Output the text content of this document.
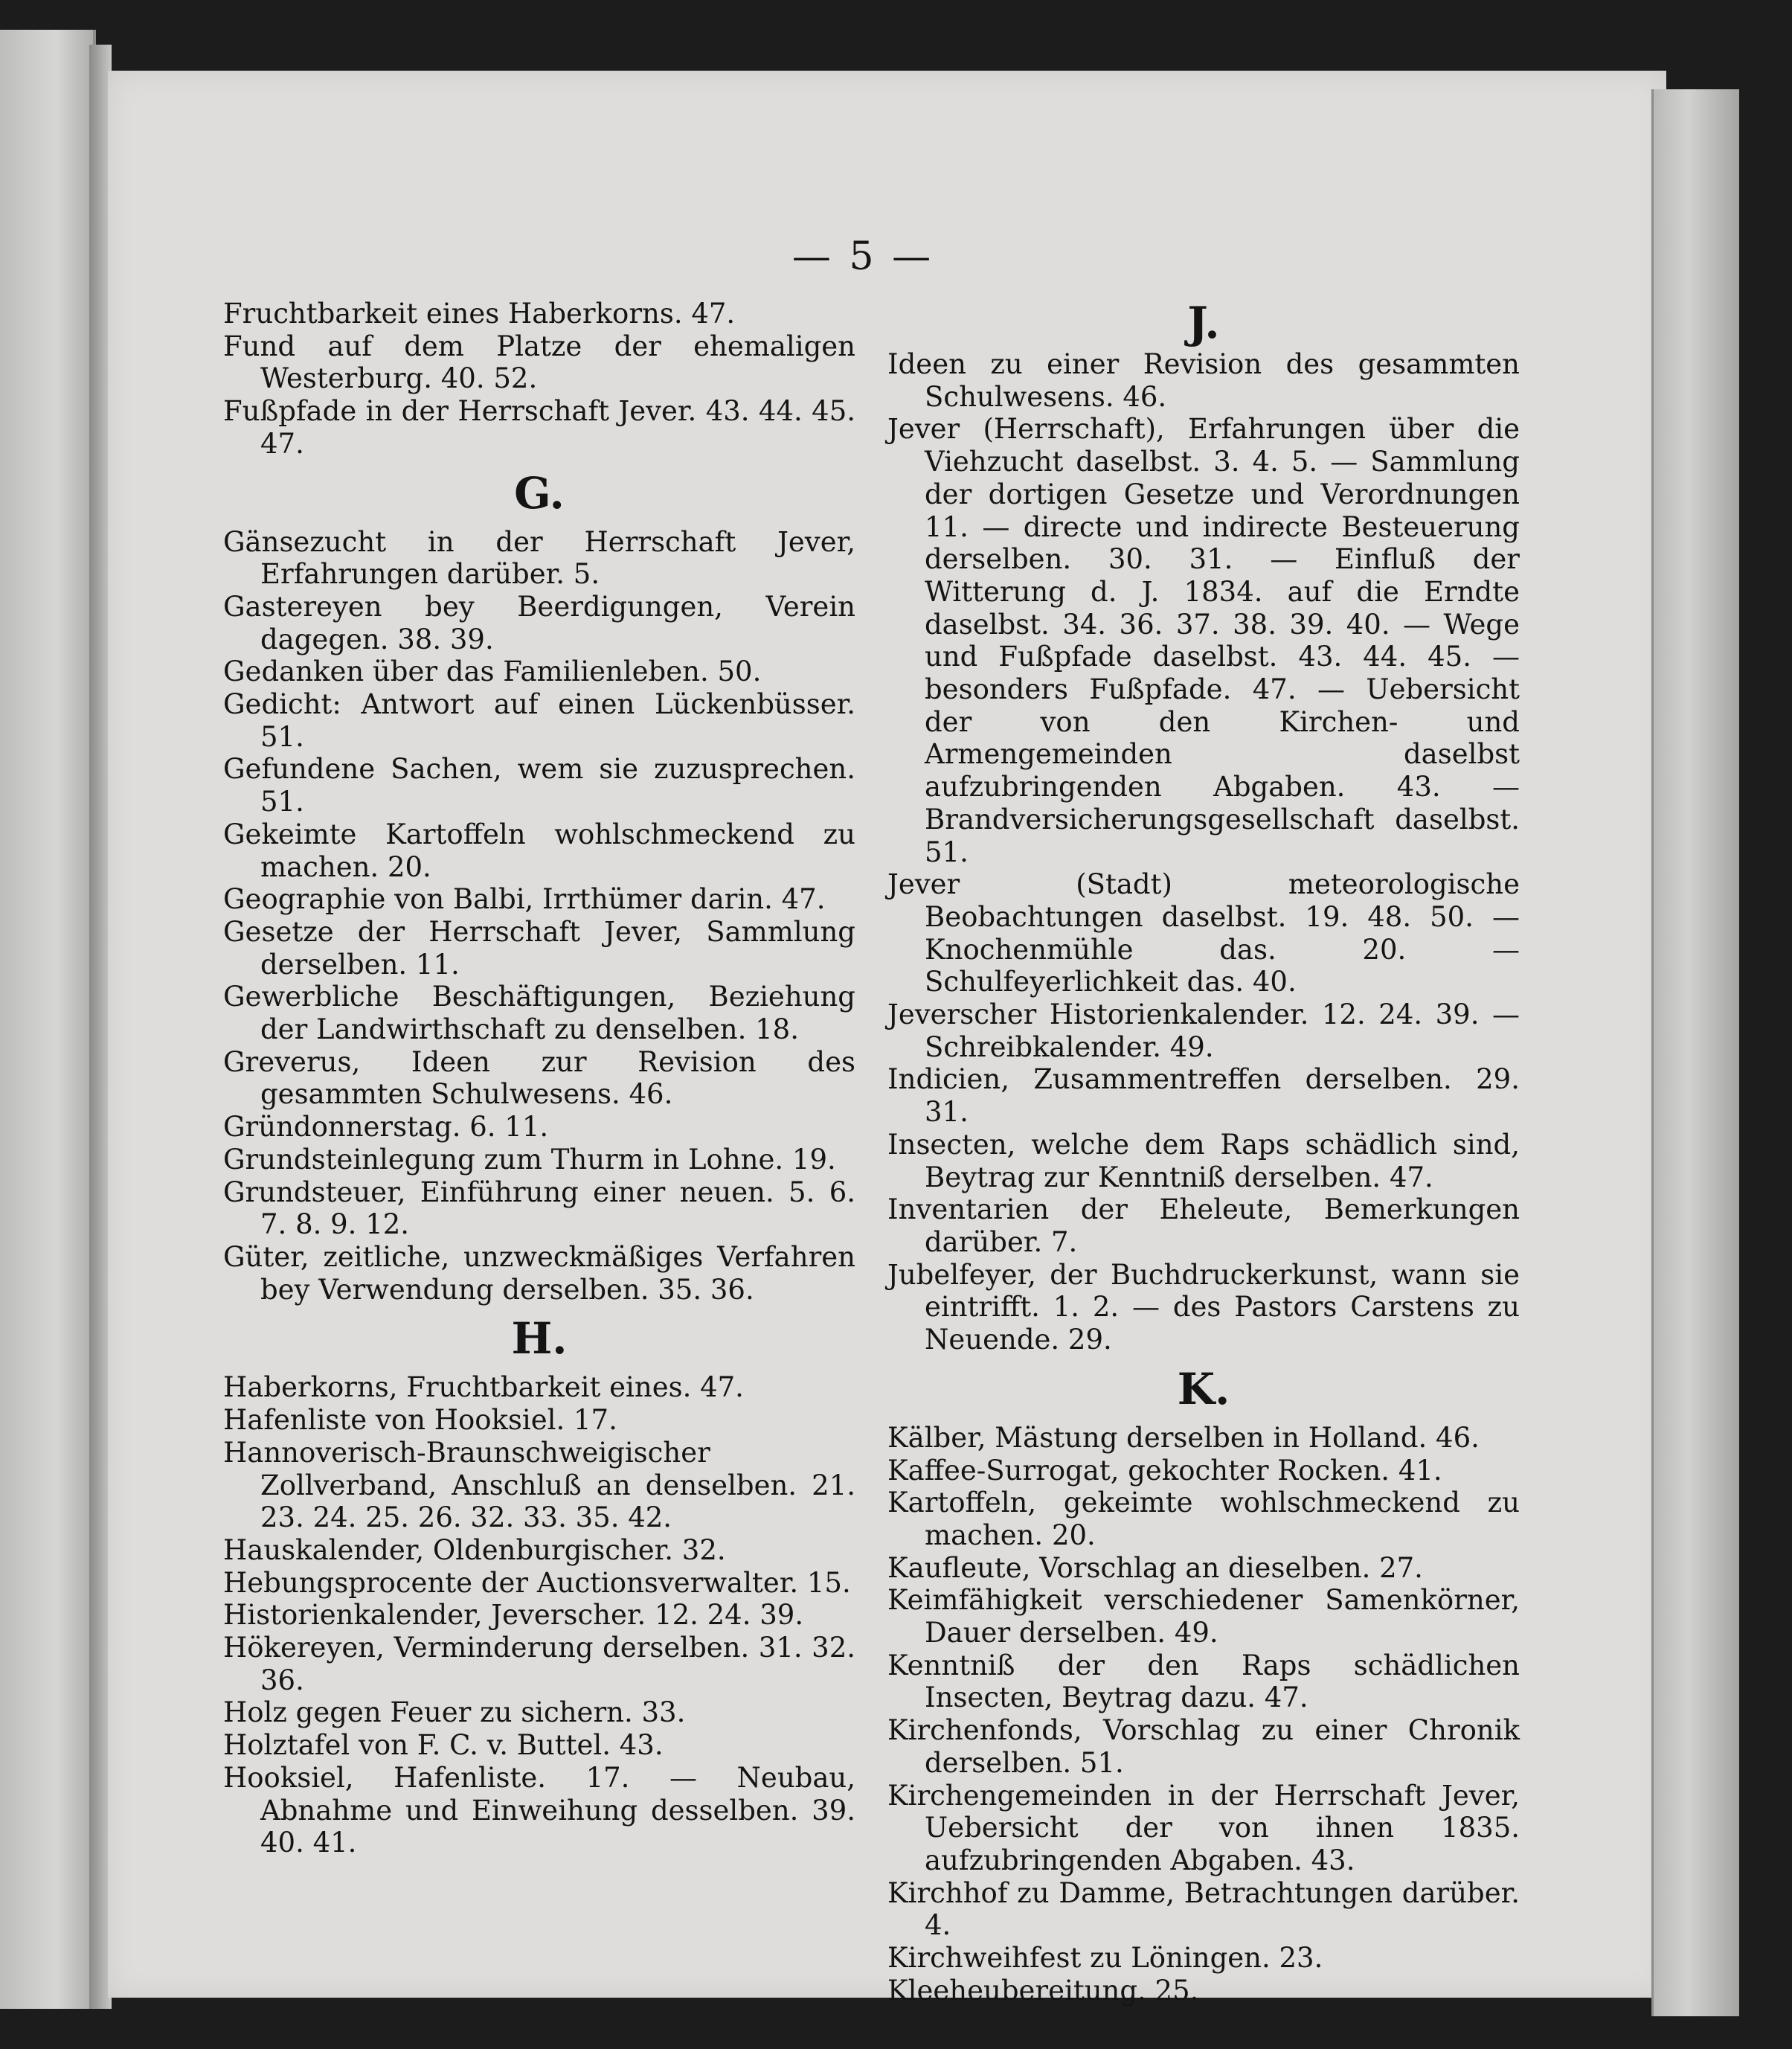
— 5 —

Fruchtbarkeit eines Haberkorns. 47.

Fund auf dem Platze der ehemaligen Westerburg. 40. 52.

Fußpfade in der Herrschaft Jever. 43. 44. 45. 47.

G.

Gänsezucht in der Herrschaft Jever, Erfahrungen darüber. 5.

Gastereyen bey Beerdigungen, Verein dagegen. 38. 39.

Gedanken über das Familienleben. 50.

Gedicht: Antwort auf einen Lückenbüsser. 51.

Gefundene Sachen, wem sie zuzusprechen. 51.

Gekeimte Kartoffeln wohlschmeckend zu machen. 20.

Geographie von Balbi, Irrthümer darin. 47.

Gesetze der Herrschaft Jever, Sammlung derselben. 11.

Gewerbliche Beschäftigungen, Beziehung der Landwirthschaft zu denselben. 18.

Greverus, Ideen zur Revision des gesammten Schulwesens. 46.

Gründonnerstag. 6. 11.

Grundsteinlegung zum Thurm in Lohne. 19.

Grundsteuer, Einführung einer neuen. 5. 6. 7. 8. 9. 12.

Güter, zeitliche, unzweckmäßiges Verfahren bey Verwendung derselben. 35. 36.

H.

Haberkorns, Fruchtbarkeit eines. 47.

Hafenliste von Hooksiel. 17.

Hannoverisch-Braunschweigischer Zollverband, Anschluß an denselben. 21. 23. 24. 25. 26. 32. 33. 35. 42.

Hauskalender, Oldenburgischer. 32.

Hebungsprocente der Auctionsverwalter. 15.

Historienkalender, Jeverscher. 12. 24. 39.

Hökereyen, Verminderung derselben. 31. 32. 36.

Holz gegen Feuer zu sichern. 33.

Holztafel von F. C. v. Buttel. 43.

Hooksiel, Hafenliste. 17. — Neubau, Abnahme und Einweihung desselben. 39. 40. 41.

J.

Ideen zu einer Revision des gesammten Schulwesens. 46.

Jever (Herrschaft), Erfahrungen über die Viehzucht daselbst. 3. 4. 5. — Sammlung der dortigen Gesetze und Verordnungen 11. — directe und indirecte Besteuerung derselben. 30. 31. — Einfluß der Witterung d. J. 1834. auf die Erndte daselbst. 34. 36. 37. 38. 39. 40. — Wege und Fußpfade daselbst. 43. 44. 45. — besonders Fußpfade. 47. — Uebersicht der von den Kirchen- und Armengemeinden daselbst aufzubringenden Abgaben. 43. — Brandversicherungsgesellschaft daselbst. 51.

Jever (Stadt) meteorologische Beobachtungen daselbst. 19. 48. 50. — Knochenmühle das. 20. — Schulfeyerlichkeit das. 40.

Jeverscher Historienkalender. 12. 24. 39. — Schreibkalender. 49.

Indicien, Zusammentreffen derselben. 29. 31.

Insecten, welche dem Raps schädlich sind, Beytrag zur Kenntniß derselben. 47.

Inventarien der Eheleute, Bemerkungen darüber. 7.

Jubelfeyer, der Buchdruckerkunst, wann sie eintrifft. 1. 2. — des Pastors Carstens zu Neuende. 29.

K.

Kälber, Mästung derselben in Holland. 46.

Kaffee-Surrogat, gekochter Rocken. 41.

Kartoffeln, gekeimte wohlschmeckend zu machen. 20.

Kaufleute, Vorschlag an dieselben. 27.

Keimfähigkeit verschiedener Samenkörner, Dauer derselben. 49.

Kenntniß der den Raps schädlichen Insecten, Beytrag dazu. 47.

Kirchenfonds, Vorschlag zu einer Chronik derselben. 51.

Kirchengemeinden in der Herrschaft Jever, Uebersicht der von ihnen 1835. aufzubringenden Abgaben. 43.

Kirchhof zu Damme, Betrachtungen darüber. 4.

Kirchweihfest zu Löningen. 23.

Kleeheubereitung. 25.
